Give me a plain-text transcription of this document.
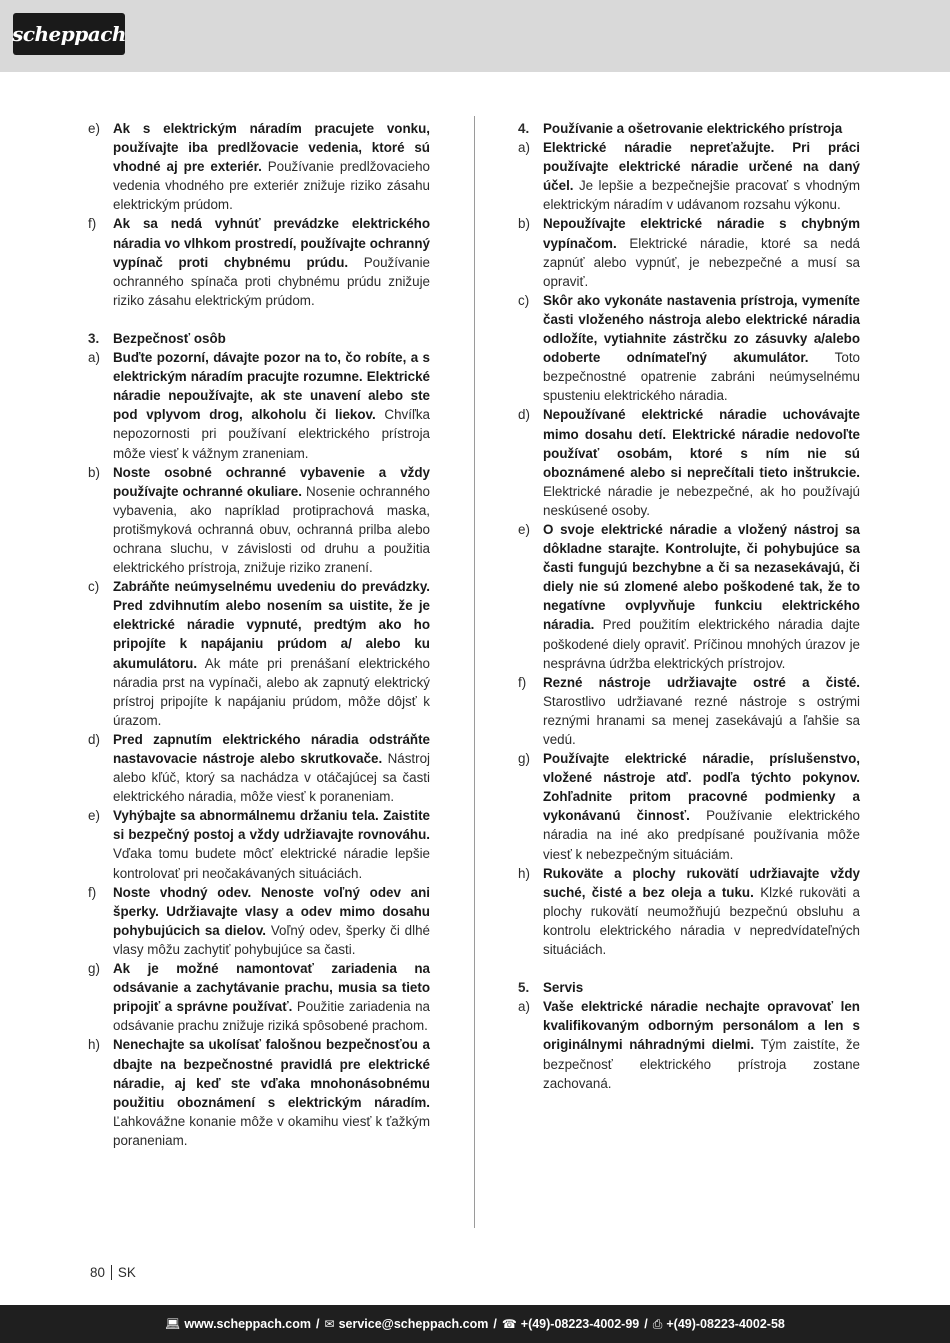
scheppach
e) Ak s elektrickým náradím pracujete vonku, používajte iba predlžovacie vedenia, ktoré sú vhodné aj pre exteriér. Používanie predlžovacieho vedenia vhodného pre exteriér znižuje riziko zásahu elektrickým prúdom.
f)	Ak sa nedá vyhnúť prevádzke elektrického náradia vo vlhkom prostredí, používajte ochranný vypínač proti chybnému prúdu. Používanie ochranného spínača proti chybnému prúdu znižuje riziko zásahu elektrickým prúdom.
3.	Bezpečnosť osôb
a) Buďte pozorní, dávajte pozor na to, čo robíte, a s elektrickým náradím pracujte rozumne. Elektrické náradie nepoužívajte, ak ste unavení alebo ste pod vplyvom drog, alkoholu či liekov. Chvíľka nepozornosti pri používaní elektrického prístroja môže viesť k vážnym zraneniam.
b) Noste osobné ochranné vybavenie a vždy používajte ochranné okuliare. Nosenie ochranného vybavenia, ako napríklad protiprachová maska, protišmyková ochranná obuv, ochranná prilba alebo ochrana sluchu, v závislosti od druhu a použitia elektrického prístroja, znižuje riziko zranení.
c)	Zabráňte neúmyselnému uvedeniu do prevádzky. Pred zdvihnutím alebo nosením sa uistite, že je elektrické náradie vypnuté, predtým ako ho pripojíte k napájaniu prúdom a/ alebo ku akumulátoru. Ak máte pri prenášaní elektrického náradia prst na vypínači, alebo ak zapnutý elektrický prístroj pripojíte k napájaniu prúdom, môže dôjsť k úrazom.
d) Pred zapnutím elektrického náradia odstráňte nastavovacie nástroje alebo skrutkovače. Nástroj alebo kľúč, ktorý sa nachádza v otáčajúcej sa časti elektrického náradia, môže viesť k poraneniam.
e) Vyhýbajte sa abnormálnemu držaniu tela. Zaistite si bezpečný postoj a vždy udržiavajte rovnováhu. Vďaka tomu budete môcť elektrické náradie lepšie kontrolovať pri neočakávaných situáciách.
f)	Noste vhodný odev. Nenoste voľný odev ani šperky. Udržiavajte vlasy a odev mimo dosahu pohybujúcich sa dielov. Voľný odev, šperky či dlhé vlasy môžu zachytiť pohybujúce sa časti.
g) Ak je možné namontovať zariadenia na odsávanie a zachytávanie prachu, musia sa tieto pripojiť a správne používať. Použitie zariadenia na odsávanie prachu znižuje riziká spôsobené prachom.
h) Nenechajte sa ukolísať falošnou bezpečnosťou a dbajte na bezpečnostné pravidlá pre elektrické náradie, aj keď ste vďaka mnohonásobnému použitiu oboznámení s elektrickým náradím. Ľahkovážne konanie môže v okamihu viesť k ťažkým poraneniam.
4.	Používanie a ošetrovanie elektrického prístroja
a) Elektrické náradie nepreťažujte. Pri práci používajte elektrické náradie určené na daný účel. Je lepšie a bezpečnejšie pracovať s vhodným elektrickým náradím v udávanom rozsahu výkonu.
b) Nepoužívajte elektrické náradie s chybným vypínačom. Elektrické náradie, ktoré sa nedá zapnúť alebo vypnúť, je nebezpečné a musí sa opraviť.
c)	Skôr ako vykonáte nastavenia prístroja, vymeníte časti vloženého nástroja alebo elektrické náradia odložíte, vytiahnite zástrčku zo zásuvky a/alebo odoberte odnímateľný akumulátor. Toto bezpečnostné opatrenie zabráni neúmyselnému spusteniu elektrického náradia.
d) Nepoužívané elektrické náradie uchovávajte mimo dosahu detí. Elektrické náradie nedovoľte používať osobám, ktoré s ním nie sú oboznámené alebo si neprečítali tieto inštrukcie. Elektrické náradie je nebezpečné, ak ho používajú neskúsené osoby.
e) O svoje elektrické náradie a vložený nástroj sa dôkladne starajte. Kontrolujte, či pohybujúce sa časti fungujú bezchybne a či sa nezasekávajú, či diely nie sú zlomené alebo poškodené tak, že to negatívne ovplyvňuje funkciu elektrického náradia. Pred použitím elektrického náradia dajte poškodené diely opraviť. Príčinou mnohých úrazov je nesprávna údržba elektrických prístrojov.
f)	Rezné nástroje udržiavajte ostré a čisté. Starostlivo udržiavané rezné nástroje s ostrými reznými hranami sa menej zasekávajú a ľahšie sa vedú.
g) Používajte elektrické náradie, príslušenstvo, vložené nástroje atď. podľa týchto pokynov. Zohľadnite pritom pracovné podmienky a vykonávanú činnosť. Používanie elektrického náradia na iné ako predpísané používania môže viesť k nebezpečným situáciám.
h) Rukoväte a plochy rukovätí udržiavajte vždy suché, čisté a bez oleja a tuku. Klzké rukoväti a plochy rukovätí neumožňujú bezpečnú obsluhu a kontrolu elektrického náradia v nepredvídateľných situáciách.
5.	Servis
a) Vaše elektrické náradie nechajte opravovať len kvalifikovaným odborným personálom a len s originálnymi náhradnými dielmi. Tým zaistíte, že bezpečnosť elektrického prístroja zostane zachovaná.
80 SK
💻︎ www.scheppach.com / ✉︎ service@scheppach.com / ☎︎ +(49)-08223-4002-99 / ⎙︎ +(49)-08223-4002-58
